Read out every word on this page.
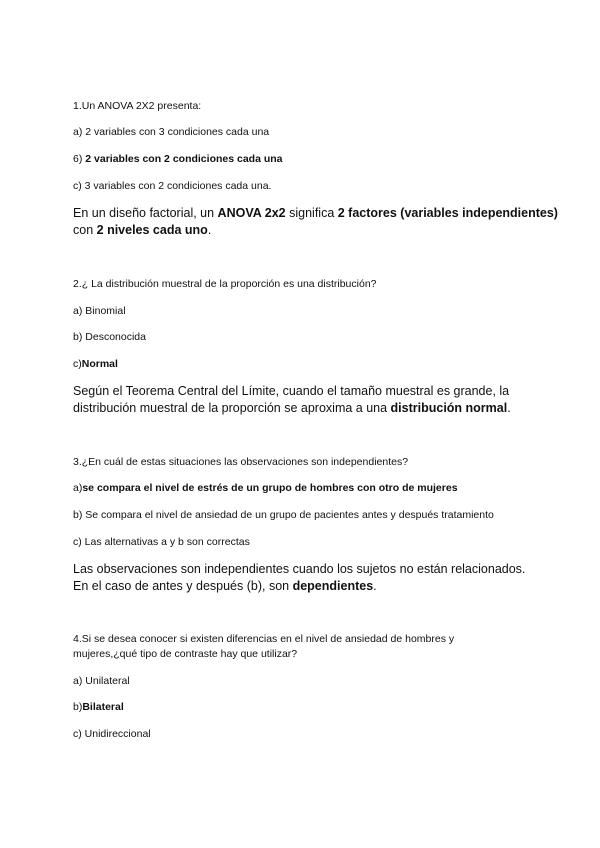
1.Un ANOVA 2X2 presenta:
a) 2 variables con 3 condiciones cada una
6) 2 variables con 2 condiciones cada una
c) 3 variables con 2 condiciones cada una.
En un diseño factorial, un ANOVA 2x2 significa 2 factores (variables independientes)
con 2 niveles cada uno.
2.¿ La distribución muestral de la proporción es una distribución?
a) Binomial
b) Desconocida
c)Normal
Según el Teorema Central del Límite, cuando el tamaño muestral es grande, la
distribución muestral de la proporción se aproxima a una distribución normal.
3.¿En cuál de estas situaciones las observaciones son independientes?
a)se compara el nivel de estrés de un grupo de hombres con otro de mujeres
b) Se compara el nivel de ansiedad de un grupo de pacientes antes y después tratamiento
c) Las alternativas a y b son correctas
Las observaciones son independientes cuando los sujetos no están relacionados.
En el caso de antes y después (b), son dependientes.
4.Si se desea conocer si existen diferencias en el nivel de ansiedad de hombres y
mujeres,¿qué tipo de contraste hay que utilizar?
a) Unilateral
b)Bilateral
c) Unidireccional
